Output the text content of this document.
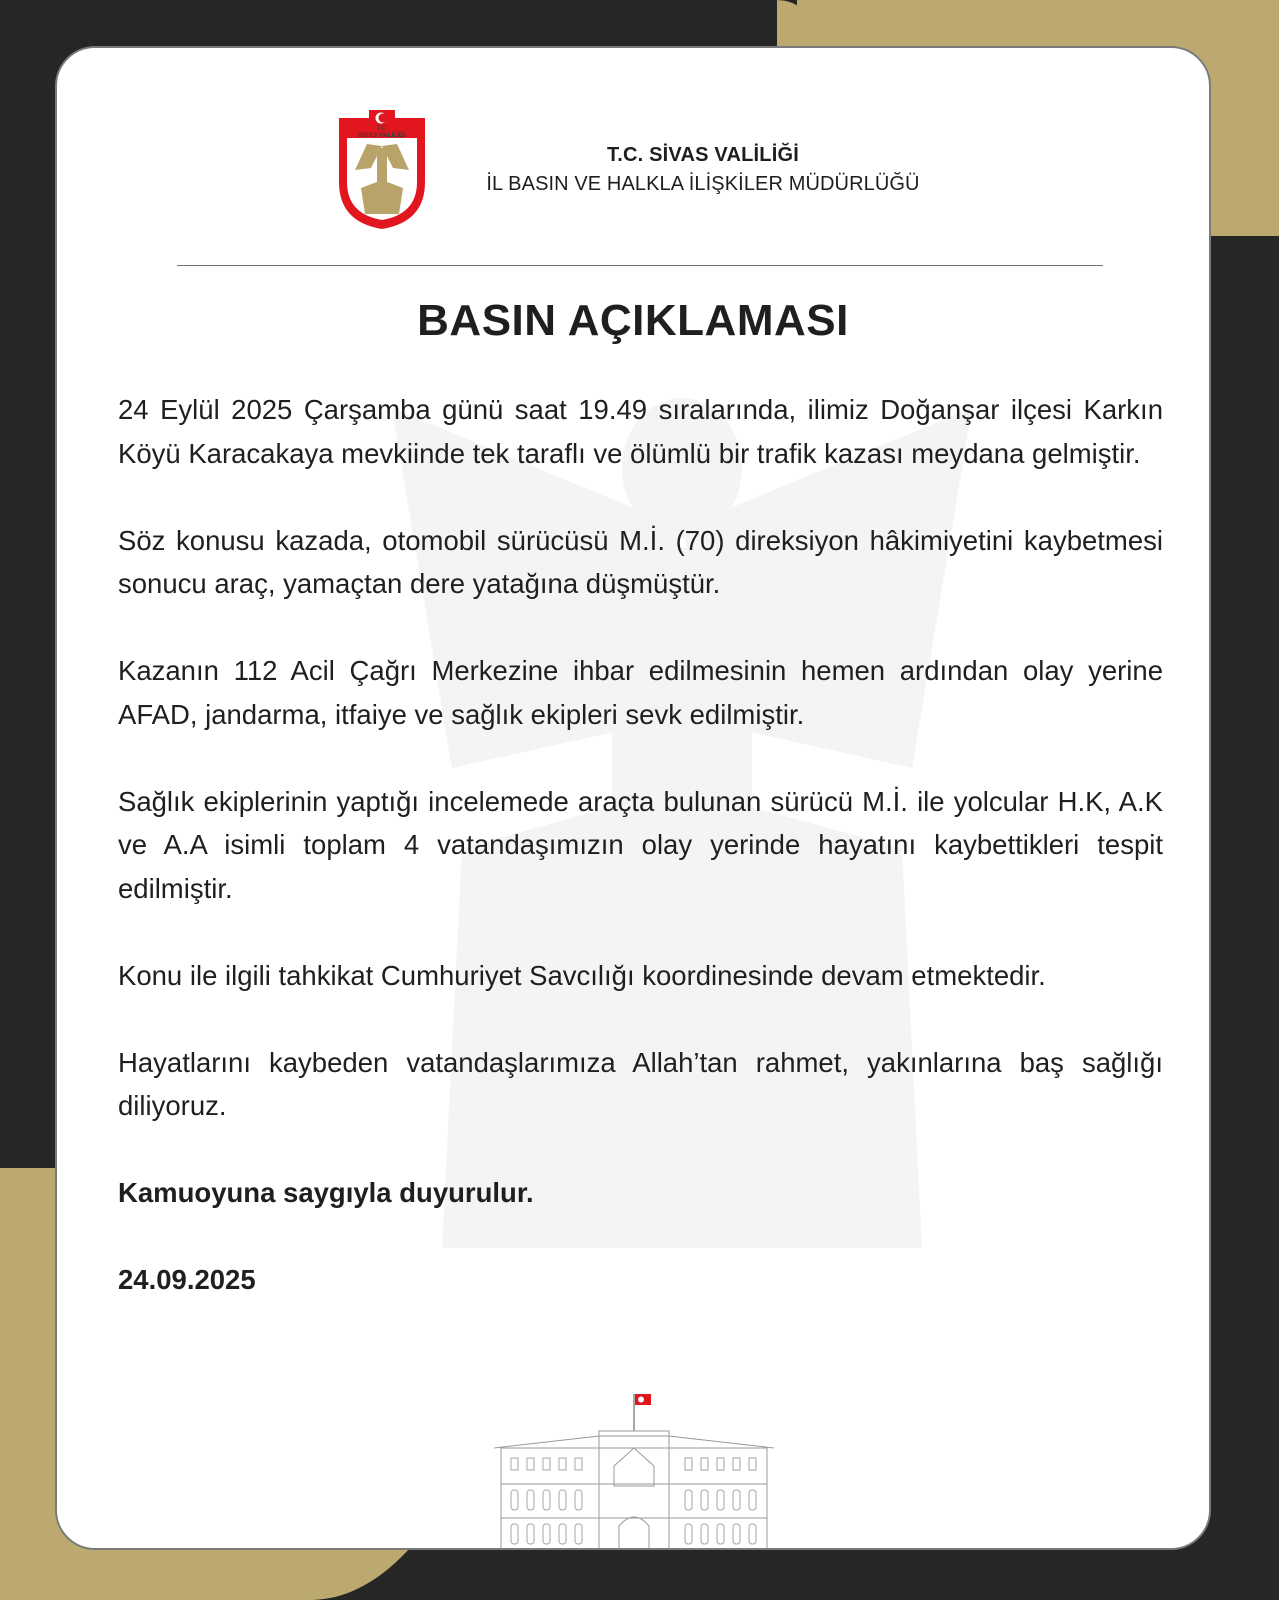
T.C.
SİVAS VALİLİĞİ
T.C. SİVAS VALİLİĞİ
İL BASIN VE HALKLA İLİŞKİLER MÜDÜRLÜĞÜ
BASIN AÇIKLAMASI

24 Eylül 2025 Çarşamba günü saat 19.49 sıralarında, ilimiz Doğanşar ilçesi Karkın Köyü Karacakaya mevkiinde tek taraflı ve ölümlü bir trafik kazası meydana gelmiştir.

Söz konusu kazada, otomobil sürücüsü M.İ. (70) direksiyon hâkimiyetini kaybetmesi sonucu araç, yamaçtan dere yatağına düşmüştür.

Kazanın 112 Acil Çağrı Merkezine ihbar edilmesinin hemen ardından olay yerine AFAD, jandarma, itfaiye ve sağlık ekipleri sevk edilmiştir.

Sağlık ekiplerinin yaptığı incelemede araçta bulunan sürücü M.İ. ile yolcular H.K, A.K ve A.A isimli toplam 4 vatandaşımızın olay yerinde hayatını kaybettikleri tespit edilmiştir.

Konu ile ilgili tahkikat Cumhuriyet Savcılığı koordinesinde devam etmektedir.

Hayatlarını kaybeden vatandaşlarımıza Allah’tan rahmet, yakınlarına baş sağlığı diliyoruz.

Kamuoyuna saygıyla duyurulur.

24.09.2025
